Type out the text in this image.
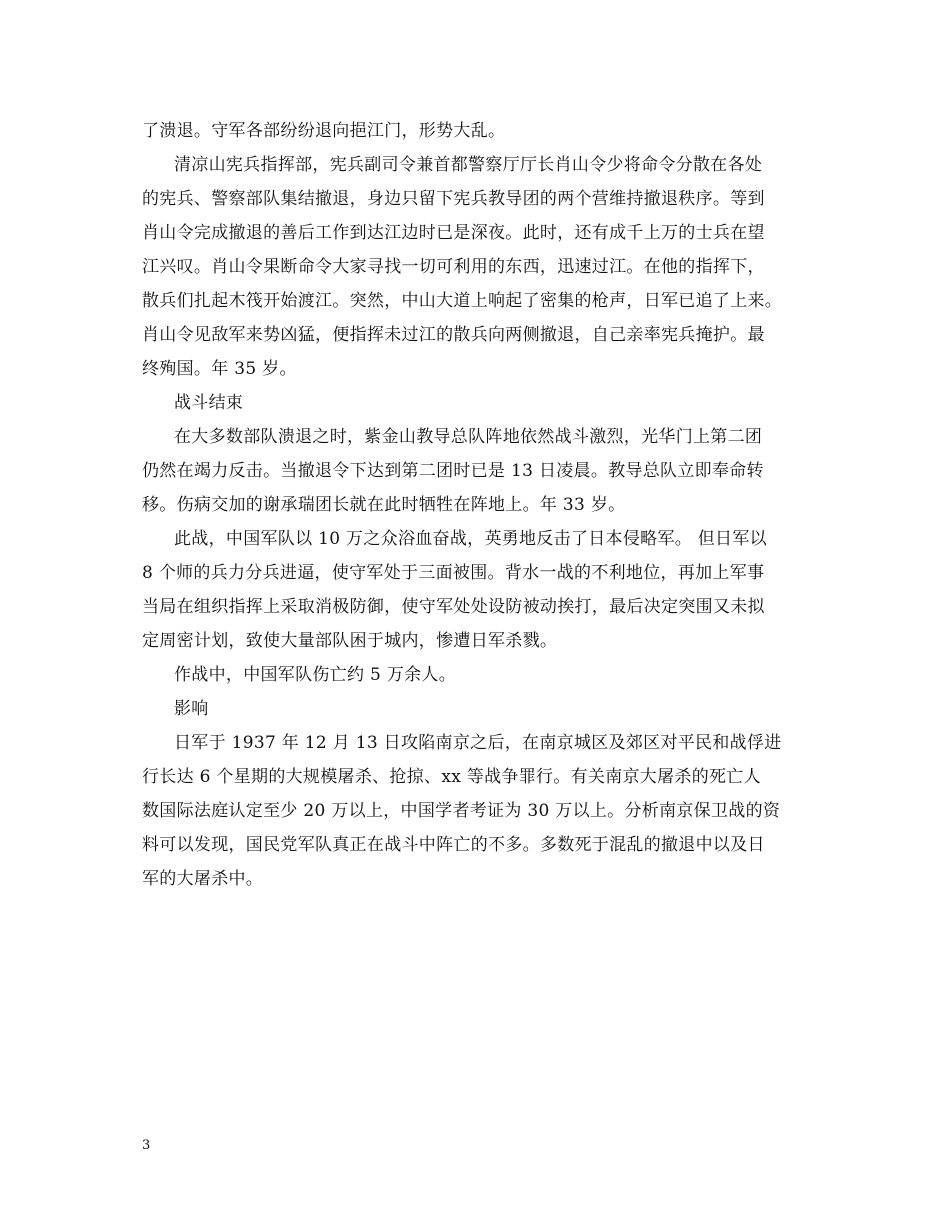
了溃退。守军各部纷纷退向挹江门，形势大乱。
清凉山宪兵指挥部，宪兵副司令兼首都警察厅厅长肖山令少将命令分散在各处
的宪兵、警察部队集结撤退，身边只留下宪兵教导团的两个营维持撤退秩序。等到
肖山令完成撤退的善后工作到达江边时已是深夜。此时，还有成千上万的士兵在望
江兴叹。肖山令果断命令大家寻找一切可利用的东西，迅速过江。在他的指挥下，
散兵们扎起木筏开始渡江。突然，中山大道上响起了密集的枪声，日军已追了上来。
肖山令见敌军来势凶猛，便指挥未过江的散兵向两侧撤退，自己亲率宪兵掩护。最
终殉国。年 35 岁。
战斗结束
在大多数部队溃退之时，紫金山教导总队阵地依然战斗激烈，光华门上第二团
仍然在竭力反击。当撤退令下达到第二团时已是 13 日凌晨。教导总队立即奉命转
移。伤病交加的谢承瑞团长就在此时牺牲在阵地上。年 33 岁。
此战，中国军队以 10 万之众浴血奋战，英勇地反击了日本侵略军。 但日军以
8 个师的兵力分兵进逼，使守军处于三面被围。背水一战的不利地位，再加上军事
当局在组织指挥上采取消极防御，使守军处处设防被动挨打，最后决定突围又未拟
定周密计划，致使大量部队困于城内，惨遭日军杀戮。
作战中，中国军队伤亡约 5 万余人。
影响
日军于 1937 年 12 月 13 日攻陷南京之后，在南京城区及郊区对平民和战俘进
行长达 6 个星期的大规模屠杀、抢掠、xx 等战争罪行。有关南京大屠杀的死亡人
数国际法庭认定至少 20 万以上，中国学者考证为 30 万以上。分析南京保卫战的资
料可以发现，国民党军队真正在战斗中阵亡的不多。多数死于混乱的撤退中以及日
军的大屠杀中。
3
